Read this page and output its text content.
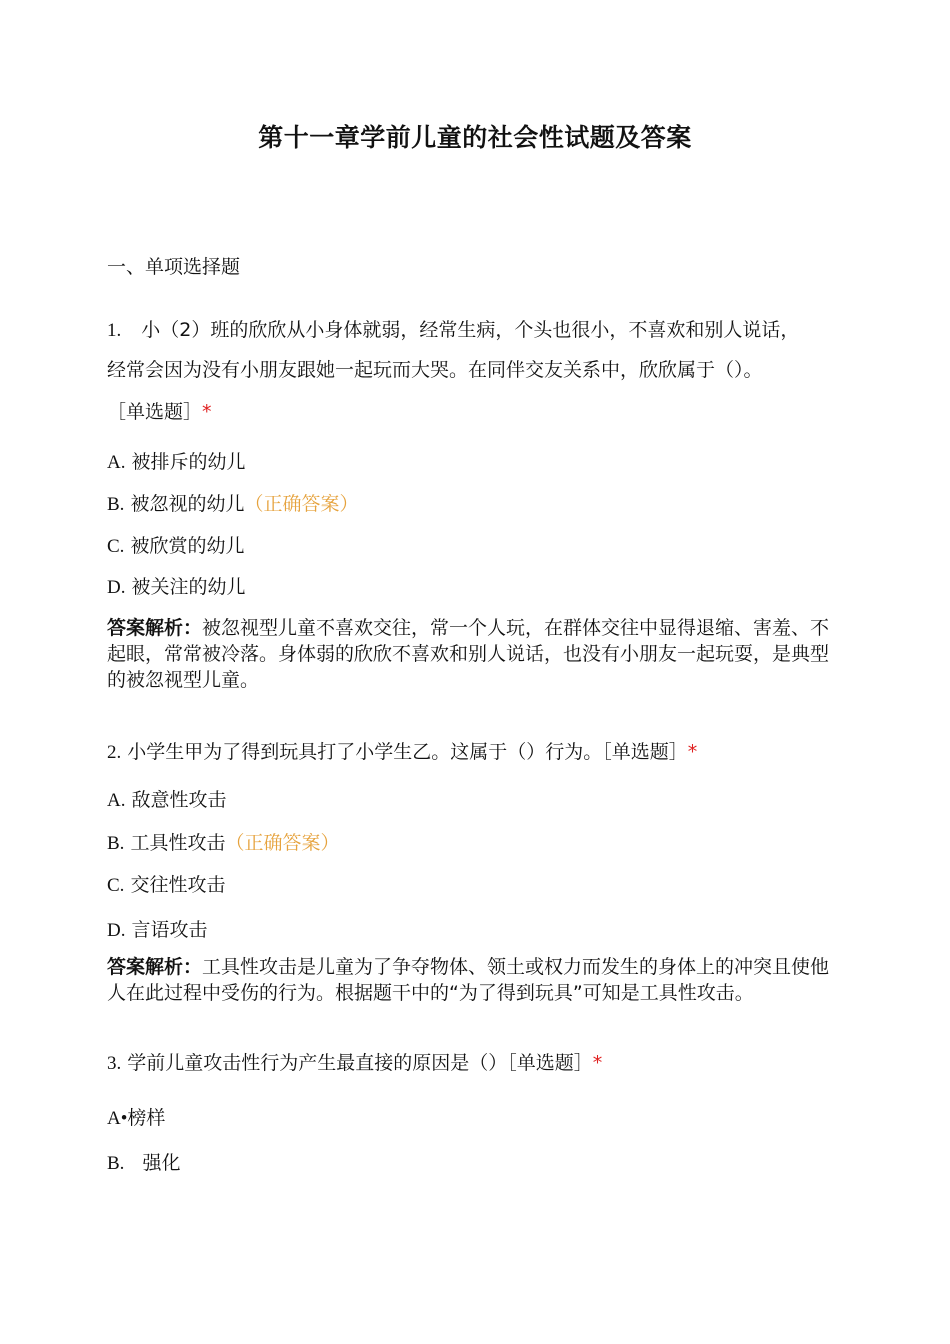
第十一章学前儿童的社会性试题及答案
一、单项选择题
1. 小（2）班的欣欣从小身体就弱，经常生病，个头也很小，不喜欢和别人说话，
经常会因为没有小朋友跟她一起玩而大哭。在同伴交友关系中，欣欣属于（）。
［单选题］*
A. 被排斥的幼儿
B. 被忽视的幼儿（正确答案）
C. 被欣赏的幼儿
D. 被关注的幼儿
答案解析：被忽视型儿童不喜欢交往，常一个人玩，在群体交往中显得退缩、害羞、不起眼，常常被冷落。身体弱的欣欣不喜欢和别人说话，也没有小朋友一起玩耍，是典型的被忽视型儿童。
2. 小学生甲为了得到玩具打了小学生乙。这属于（）行为。［单选题］*
A. 敌意性攻击
B. 工具性攻击（正确答案）
C. 交往性攻击
D. 言语攻击
答案解析：工具性攻击是儿童为了争夺物体、领土或权力而发生的身体上的冲突且使他人在此过程中受伤的行为。根据题干中的“为了得到玩具”可知是工具性攻击。
3. 学前儿童攻击性行为产生最直接的原因是（）［单选题］*
A•榜样
B. 强化
